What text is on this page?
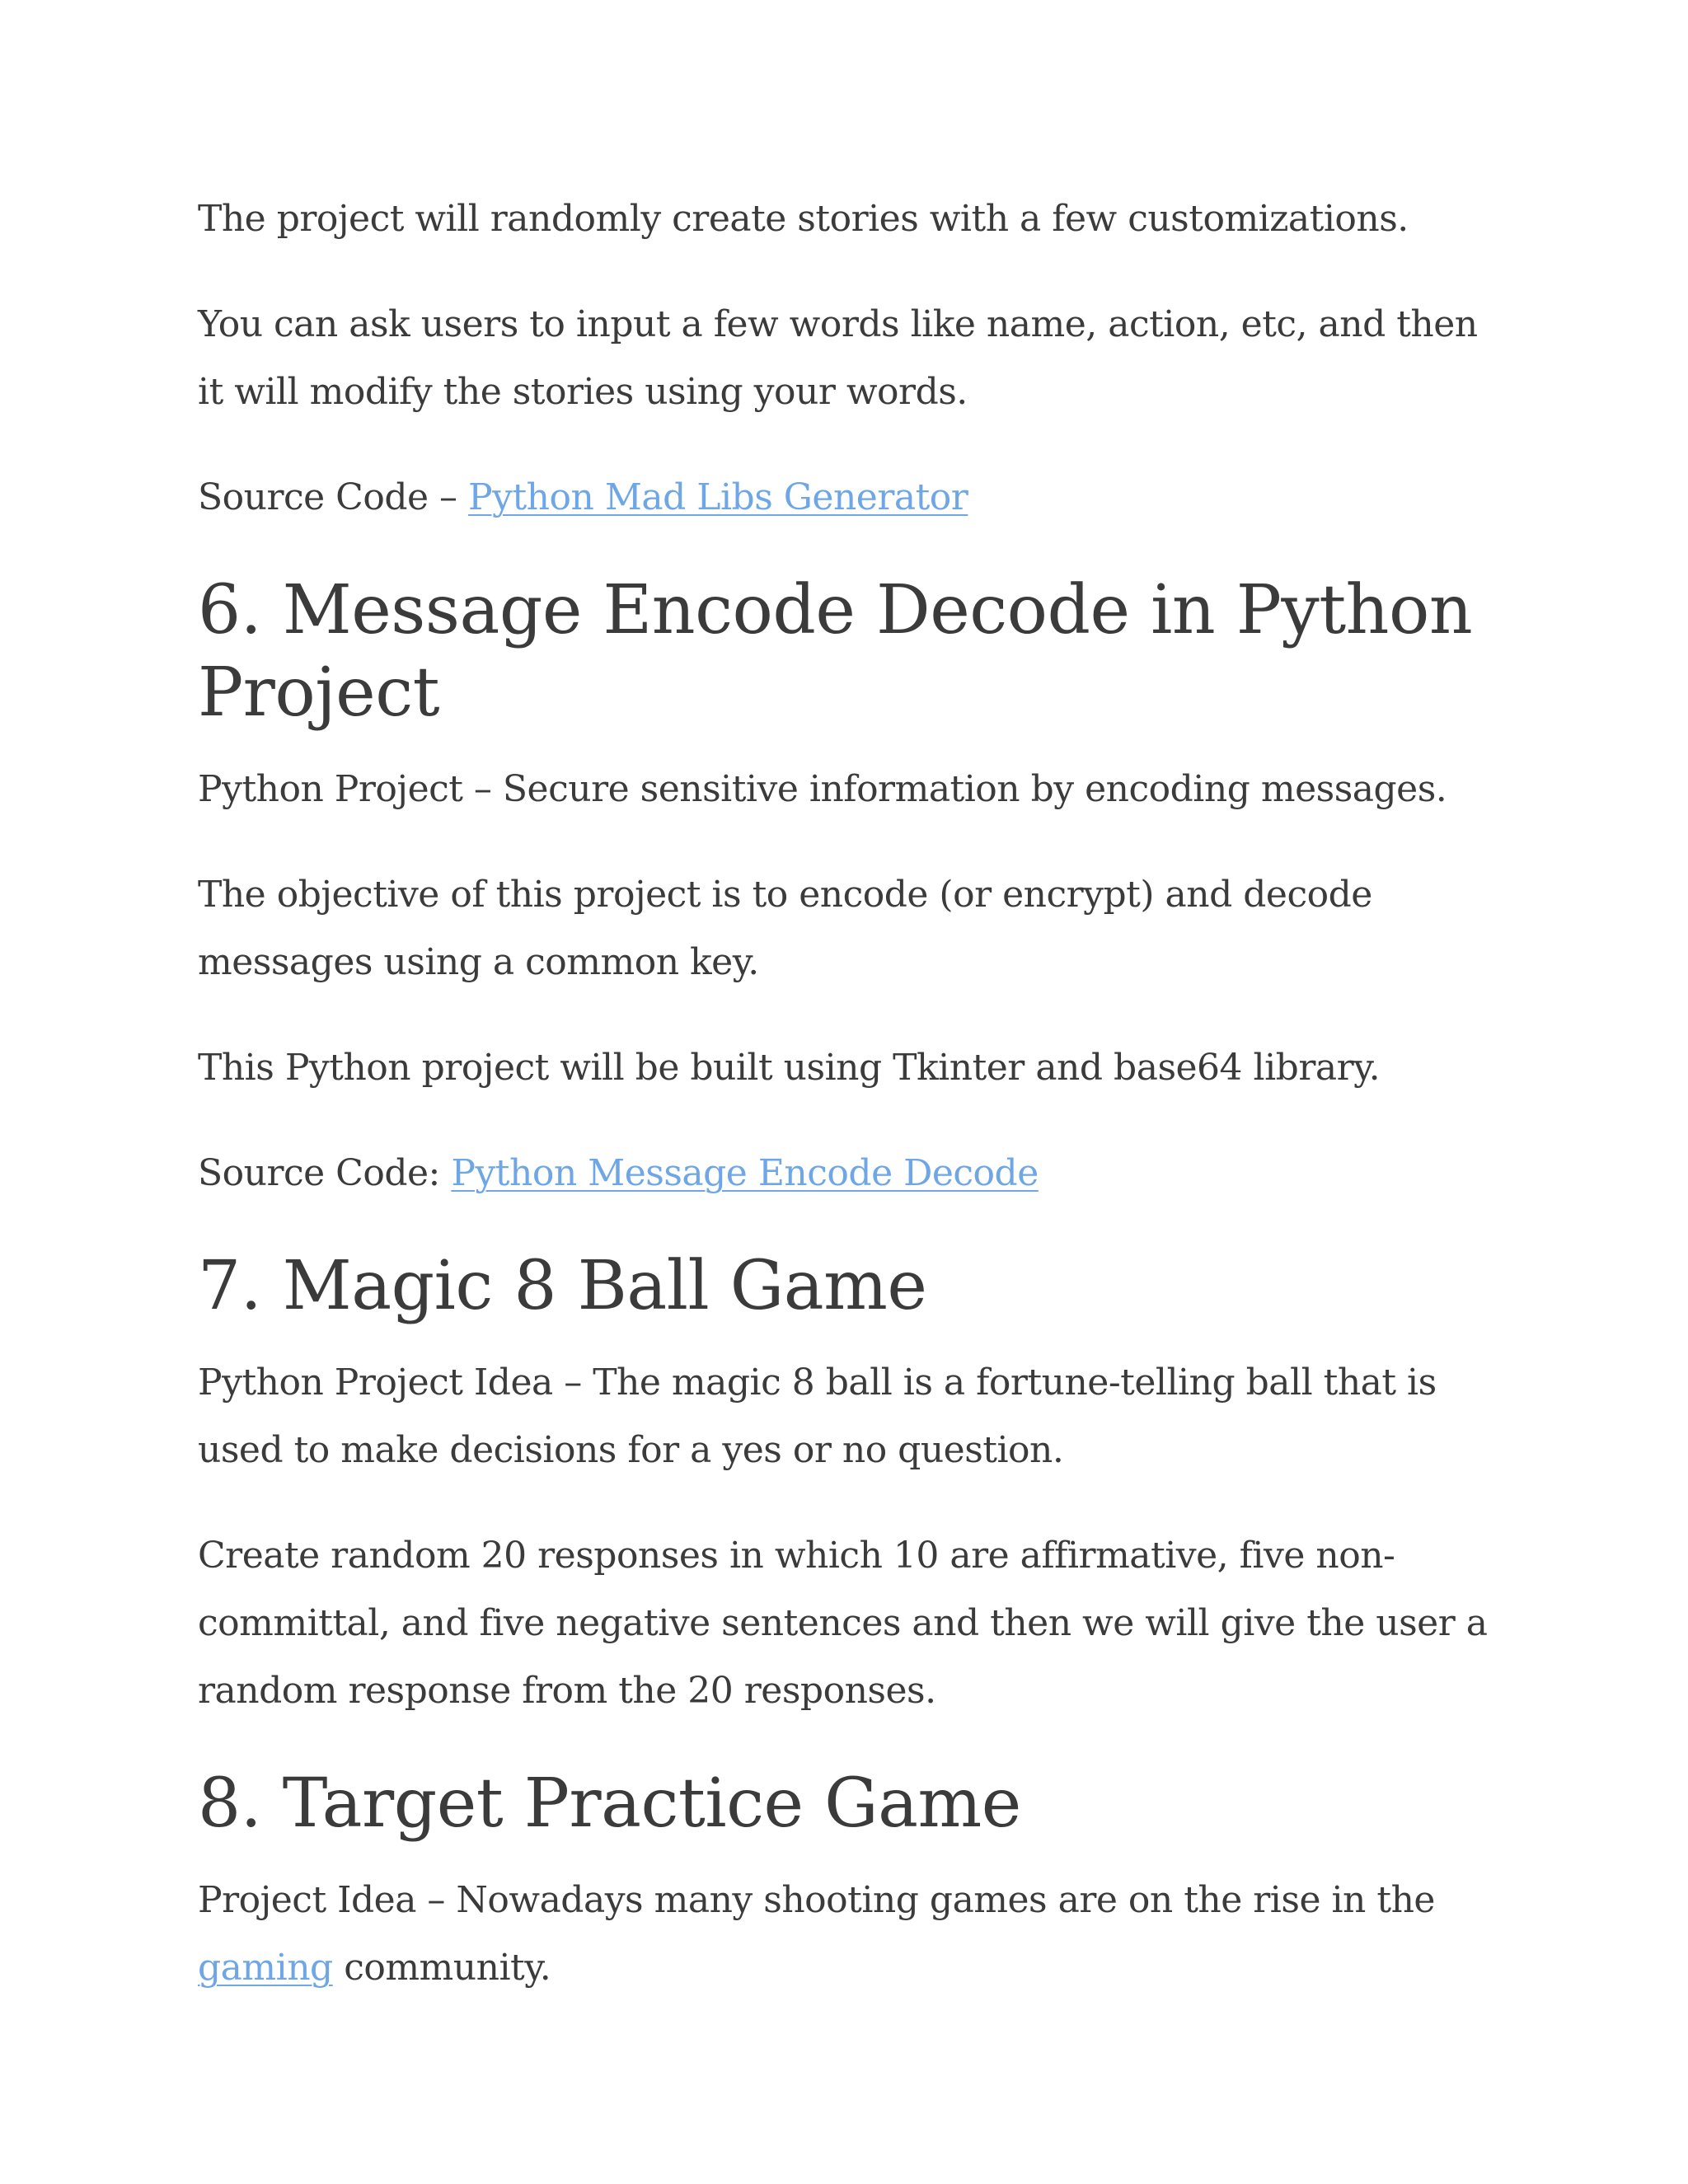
The project will randomly create stories with a few customizations.

You can ask users to input a few words like name, action, etc, and then it will modify the stories using your words.

Source Code – Python Mad Libs Generator

6. Message Encode Decode in Python Project

Python Project – Secure sensitive information by encoding messages.

The objective of this project is to encode (or encrypt) and decode messages using a common key.

This Python project will be built using Tkinter and base64 library.

Source Code: Python Message Encode Decode

7. Magic 8 Ball Game

Python Project Idea – The magic 8 ball is a fortune-telling ball that is used to make decisions for a yes or no question.

Create random 20 responses in which 10 are affirmative, five non-committal, and five negative sentences and then we will give the user a random response from the 20 responses.

8. Target Practice Game

Project Idea – Nowadays many shooting games are on the rise in the gaming community.
